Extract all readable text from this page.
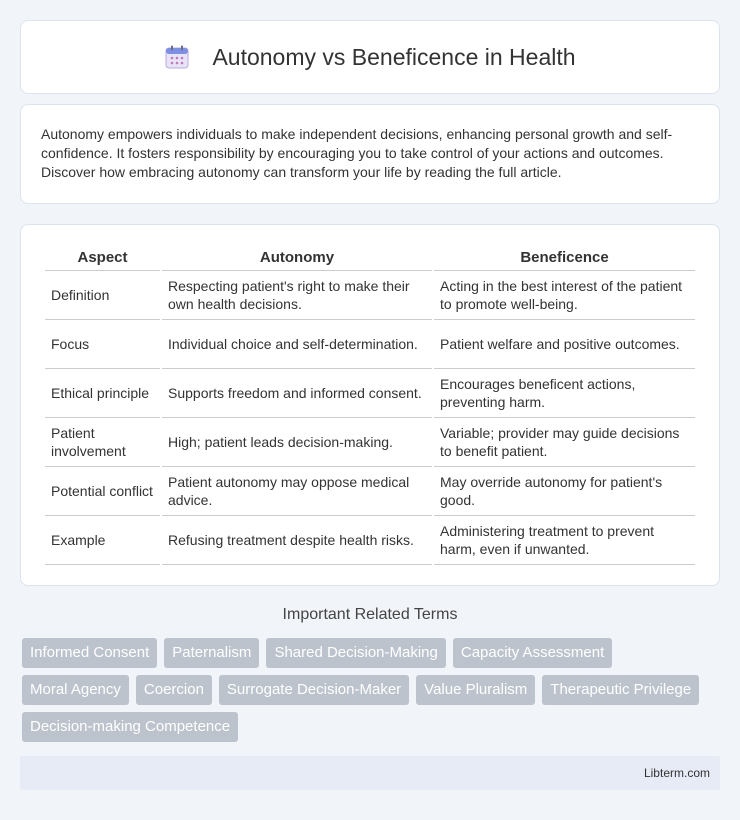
Autonomy vs Beneficence in Health

Autonomy empowers individuals to make independent decisions, enhancing personal growth and self-confidence. It fosters responsibility by encouraging you to take control of your actions and outcomes. Discover how embracing autonomy can transform your life by reading the full article.

Aspect	Autonomy	Beneficence
Definition	Respecting patient's right to make their own health decisions.	Acting in the best interest of the patient to promote well-being.
Focus	Individual choice and self-determination.	Patient welfare and positive outcomes.
Ethical principle	Supports freedom and informed consent.	Encourages beneficent actions, preventing harm.
Patient involvement	High; patient leads decision-making.	Variable; provider may guide decisions to benefit patient.
Potential conflict	Patient autonomy may oppose medical advice.	May override autonomy for patient's good.
Example	Refusing treatment despite health risks.	Administering treatment to prevent harm, even if unwanted.
Important Related Terms
Informed Consent	Paternalism	Shared Decision-Making	Capacity Assessment
Moral Agency	Coercion	Surrogate Decision-Maker	Value Pluralism	Therapeutic Privilege
Decision-making Competence
Libterm.com
